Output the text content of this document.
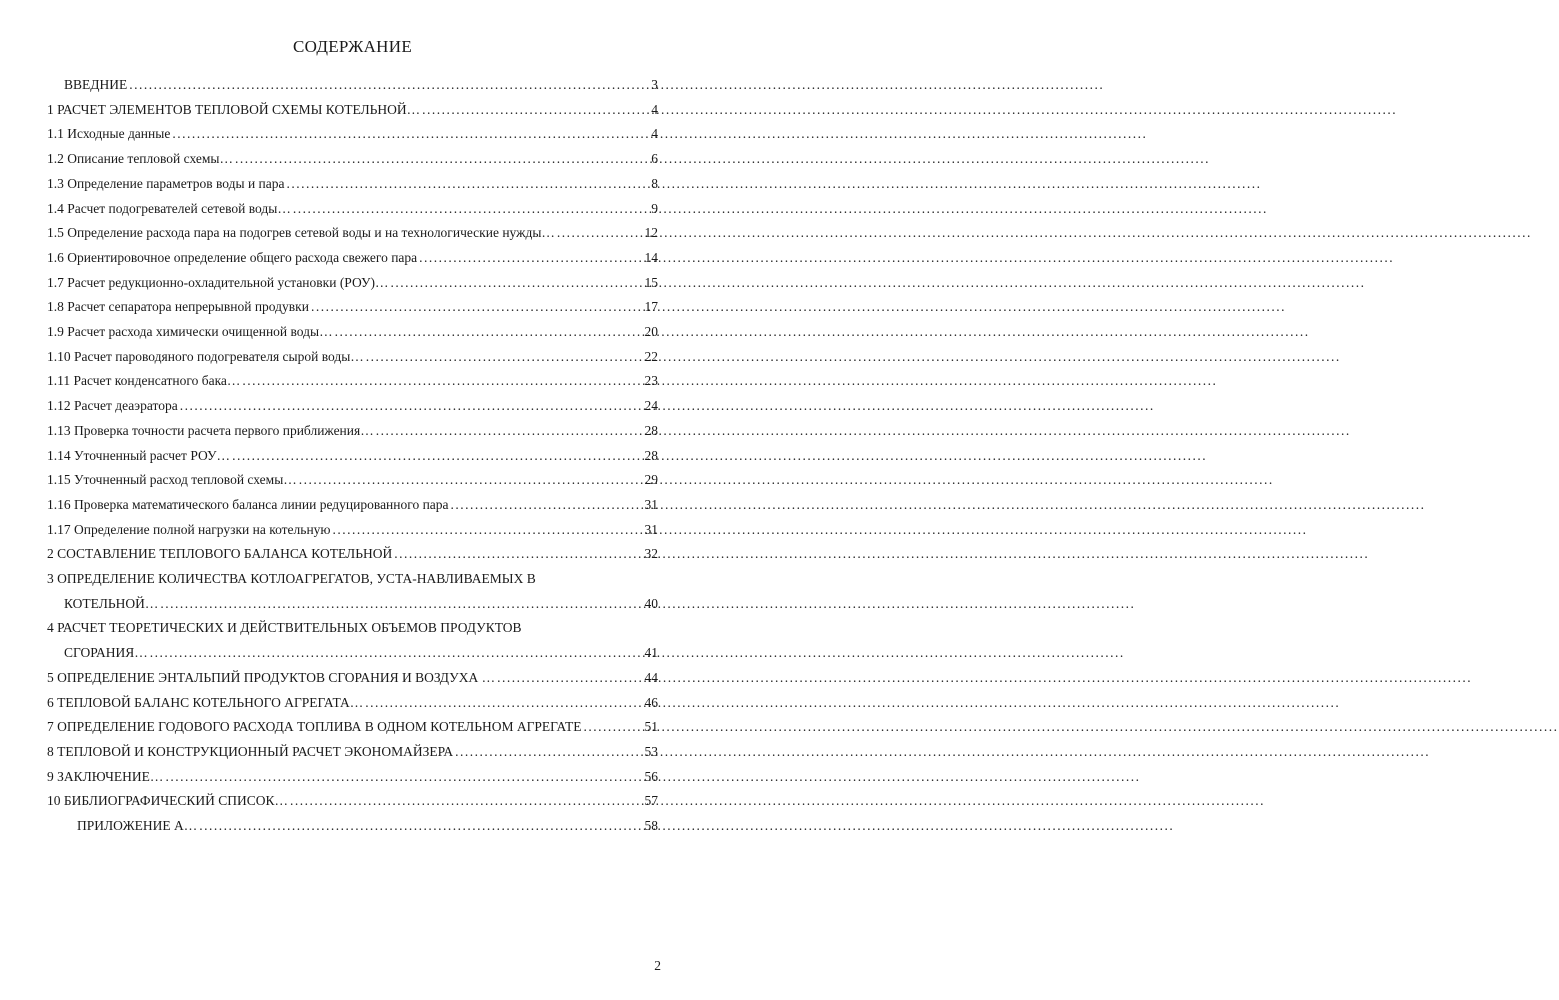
СОДЕРЖАНИЕ
ВВЕДНИЕ .....	3
1 РАСЧЕТ ЭЛЕМЕНТОВ ТЕПЛОВОЙ СХЕМЫ КОТЕЛЬНОЙ… .....	4
1.1 Исходные данные .....	4
1.2 Описание тепловой схемы… .....	6
1.3 Определение параметров воды и пара .....	8
1.4 Расчет подогревателей сетевой воды… .....	9
1.5 Определение расхода пара на подогрев сетевой воды и на технологические нужды… .....	12
1.6 Ориентировочное определение общего расхода свежего пара .....	14
1.7 Расчет редукционно-охладительной установки (РОУ)… .....	15
1.8 Расчет сепаратора непрерывной продувки .....	17
1.9 Расчет расхода химически очищенной воды… .....	20
1.10 Расчет пароводяного подогревателя сырой воды… .....	22
1.11 Расчет конденсатного бака… .....	23
1.12 Расчет деаэратора .....	24
1.13 Проверка точности расчета первого приближения… .....	28
1.14 Уточненный расчет РОУ… .....	28
1.15 Уточненный расход тепловой схемы… .....	29
1.16 Проверка математического баланса линии редуцированного пара .....	31
1.17 Определение полной нагрузки на котельную .....	31
2 СОСТАВЛЕНИЕ ТЕПЛОВОГО БАЛАНСА КОТЕЛЬНОЙ .....	32
3 ОПРЕДЕЛЕНИЕ КОЛИЧЕСТВА КОТЛОАГРЕГАТОВ, УСТА-НАВЛИВАЕМЫХ В
КОТЕЛЬНОЙ… .....	40
4 РАСЧЕТ ТЕОРЕТИЧЕСКИХ И ДЕЙСТВИТЕЛЬНЫХ ОБЪЕМОВ ПРОДУКТОВ
СГОРАНИЯ… .....	41
5 ОПРЕДЕЛЕНИЕ ЭНТАЛЬПИЙ ПРОДУКТОВ СГОРАНИЯ И ВОЗДУХА … .....	44
6 ТЕПЛОВОЙ БАЛАНС КОТЕЛЬНОГО АГРЕГАТА… .....	46
7 ОПРЕДЕЛЕНИЕ ГОДОВОГО РАСХОДА ТОПЛИВА В ОДНОМ КОТЕЛЬНОМ АГРЕГАТЕ .....	51
8 ТЕПЛОВОЙ И КОНСТРУКЦИОННЫЙ РАСЧЕТ ЭКОНОМАЙЗЕРА .....	53
9 ЗАКЛЮЧЕНИЕ… .....	56
10 БИБЛИОГРАФИЧЕСКИЙ СПИСОК… .....	57
ПРИЛОЖЕНИЕ А… .....	58
2
